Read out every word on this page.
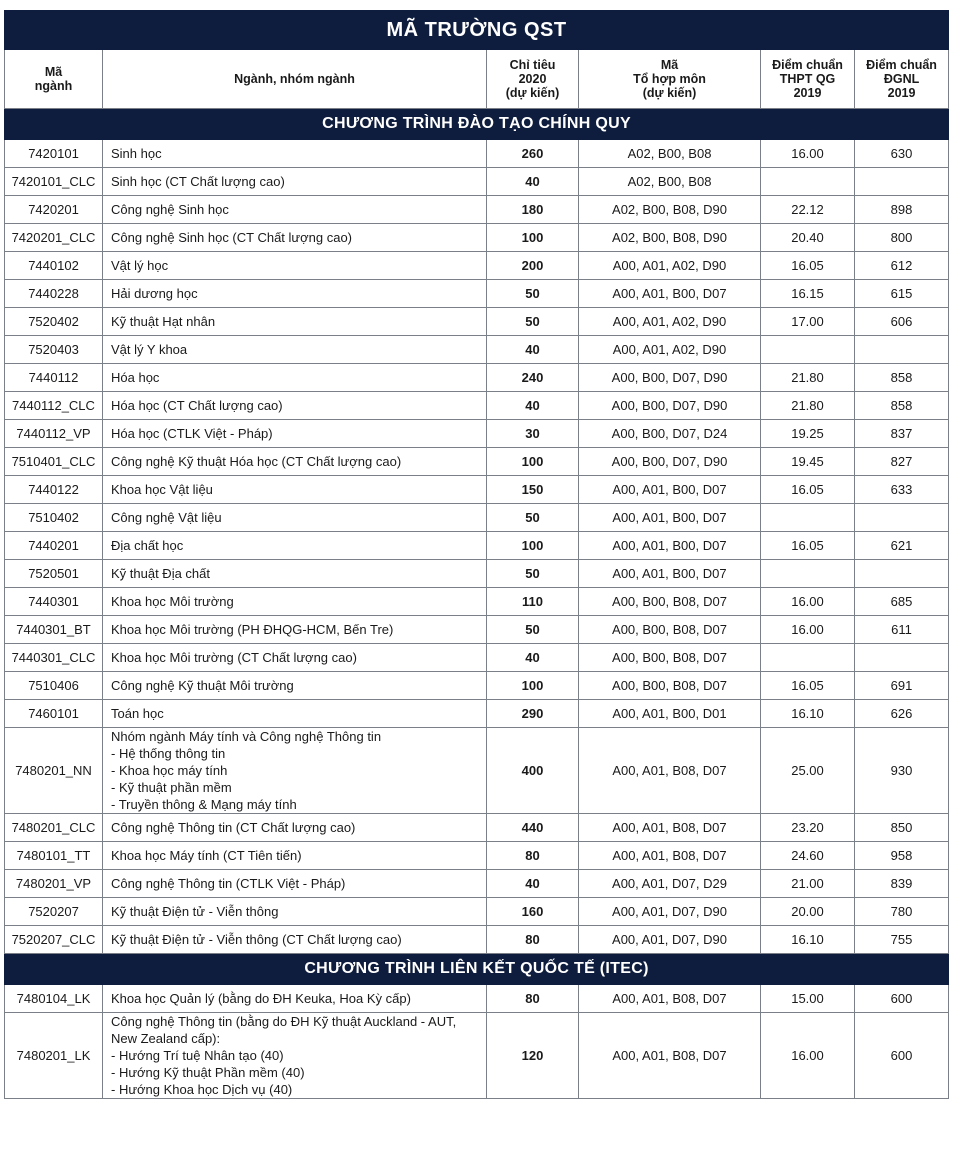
MÃ TRƯỜNG QST					

Mã
ngành	Ngành, nhóm ngành	Chỉ tiêu
2020
(dự kiến)	Mã
Tổ hợp môn
(dự kiến)	Điểm chuẩn
THPT QG
2019	Điểm chuẩn
ĐGNL
2019

CHƯƠNG TRÌNH ĐÀO TẠO CHÍNH QUY					
7420101	Sinh học	260	A02, B00, B08	16.00	630
7420101_CLC	Sinh học (CT Chất lượng cao)	40	A02, B00, B08		
7420201	Công nghệ Sinh học	180	A02, B00, B08, D90	22.12	898
7420201_CLC	Công nghệ Sinh học (CT Chất lượng cao)	100	A02, B00, B08, D90	20.40	800
7440102	Vật lý học	200	A00, A01, A02, D90	16.05	612
7440228	Hải dương học	50	A00, A01, B00, D07	16.15	615
7520402	Kỹ thuật Hạt nhân	50	A00, A01, A02, D90	17.00	606
7520403	Vật lý Y khoa	40	A00, A01, A02, D90		
7440112	Hóa học	240	A00, B00, D07, D90	21.80	858
7440112_CLC	Hóa học (CT Chất lượng cao)	40	A00, B00, D07, D90	21.80	858
7440112_VP	Hóa học (CTLK Việt - Pháp)	30	A00, B00, D07, D24	19.25	837
7510401_CLC	Công nghệ Kỹ thuật Hóa học (CT Chất lượng cao)	100	A00, B00, D07, D90	19.45	827
7440122	Khoa học Vật liệu	150	A00, A01, B00, D07	16.05	633
7510402	Công nghệ Vật liệu	50	A00, A01, B00, D07		
7440201	Địa chất học	100	A00, A01, B00, D07	16.05	621
7520501	Kỹ thuật Địa chất	50	A00, A01, B00, D07		
7440301	Khoa học Môi trường	110	A00, B00, B08, D07	16.00	685
7440301_BT	Khoa học Môi trường (PH ĐHQG-HCM, Bến Tre)	50	A00, B00, B08, D07	16.00	611
7440301_CLC	Khoa học Môi trường (CT Chất lượng cao)	40	A00, B00, B08, D07		
7510406	Công nghệ Kỹ thuật Môi trường	100	A00, B00, B08, D07	16.05	691
7460101	Toán học	290	A00, A01, B00, D01	16.10	626
7480201_NN	Nhóm ngành Máy tính và Công nghệ Thông tin
- Hệ thống thông tin
- Khoa học máy tính
- Kỹ thuật phần mềm
- Truyền thông & Mạng máy tính	400	A00, A01, B08, D07	25.00	930
7480201_CLC	Công nghệ Thông tin (CT Chất lượng cao)	440	A00, A01, B08, D07	23.20	850
7480101_TT	Khoa học Máy tính (CT Tiên tiến)	80	A00, A01, B08, D07	24.60	958
7480201_VP	Công nghệ Thông tin (CTLK Việt - Pháp)	40	A00, A01, D07, D29	21.00	839
7520207	Kỹ thuật Điện tử - Viễn thông	160	A00, A01, D07, D90	20.00	780
7520207_CLC	Kỹ thuật Điện tử - Viễn thông (CT Chất lượng cao)	80	A00, A01, D07, D90	16.10	755
CHƯƠNG TRÌNH LIÊN KẾT QUỐC TẾ (ITEC)					
7480104_LK	Khoa học Quản lý (bằng do ĐH Keuka, Hoa Kỳ cấp)	80	A00, A01, B08, D07	15.00	600
7480201_LK	Công nghệ Thông tin (bằng do ĐH Kỹ thuật Auckland - AUT,
New Zealand cấp):
- Hướng Trí tuệ Nhân tạo (40)
- Hướng Kỹ thuật Phần mềm (40)
- Hướng Khoa học Dịch vụ (40)	120	A00, A01, B08, D07	16.00	600
